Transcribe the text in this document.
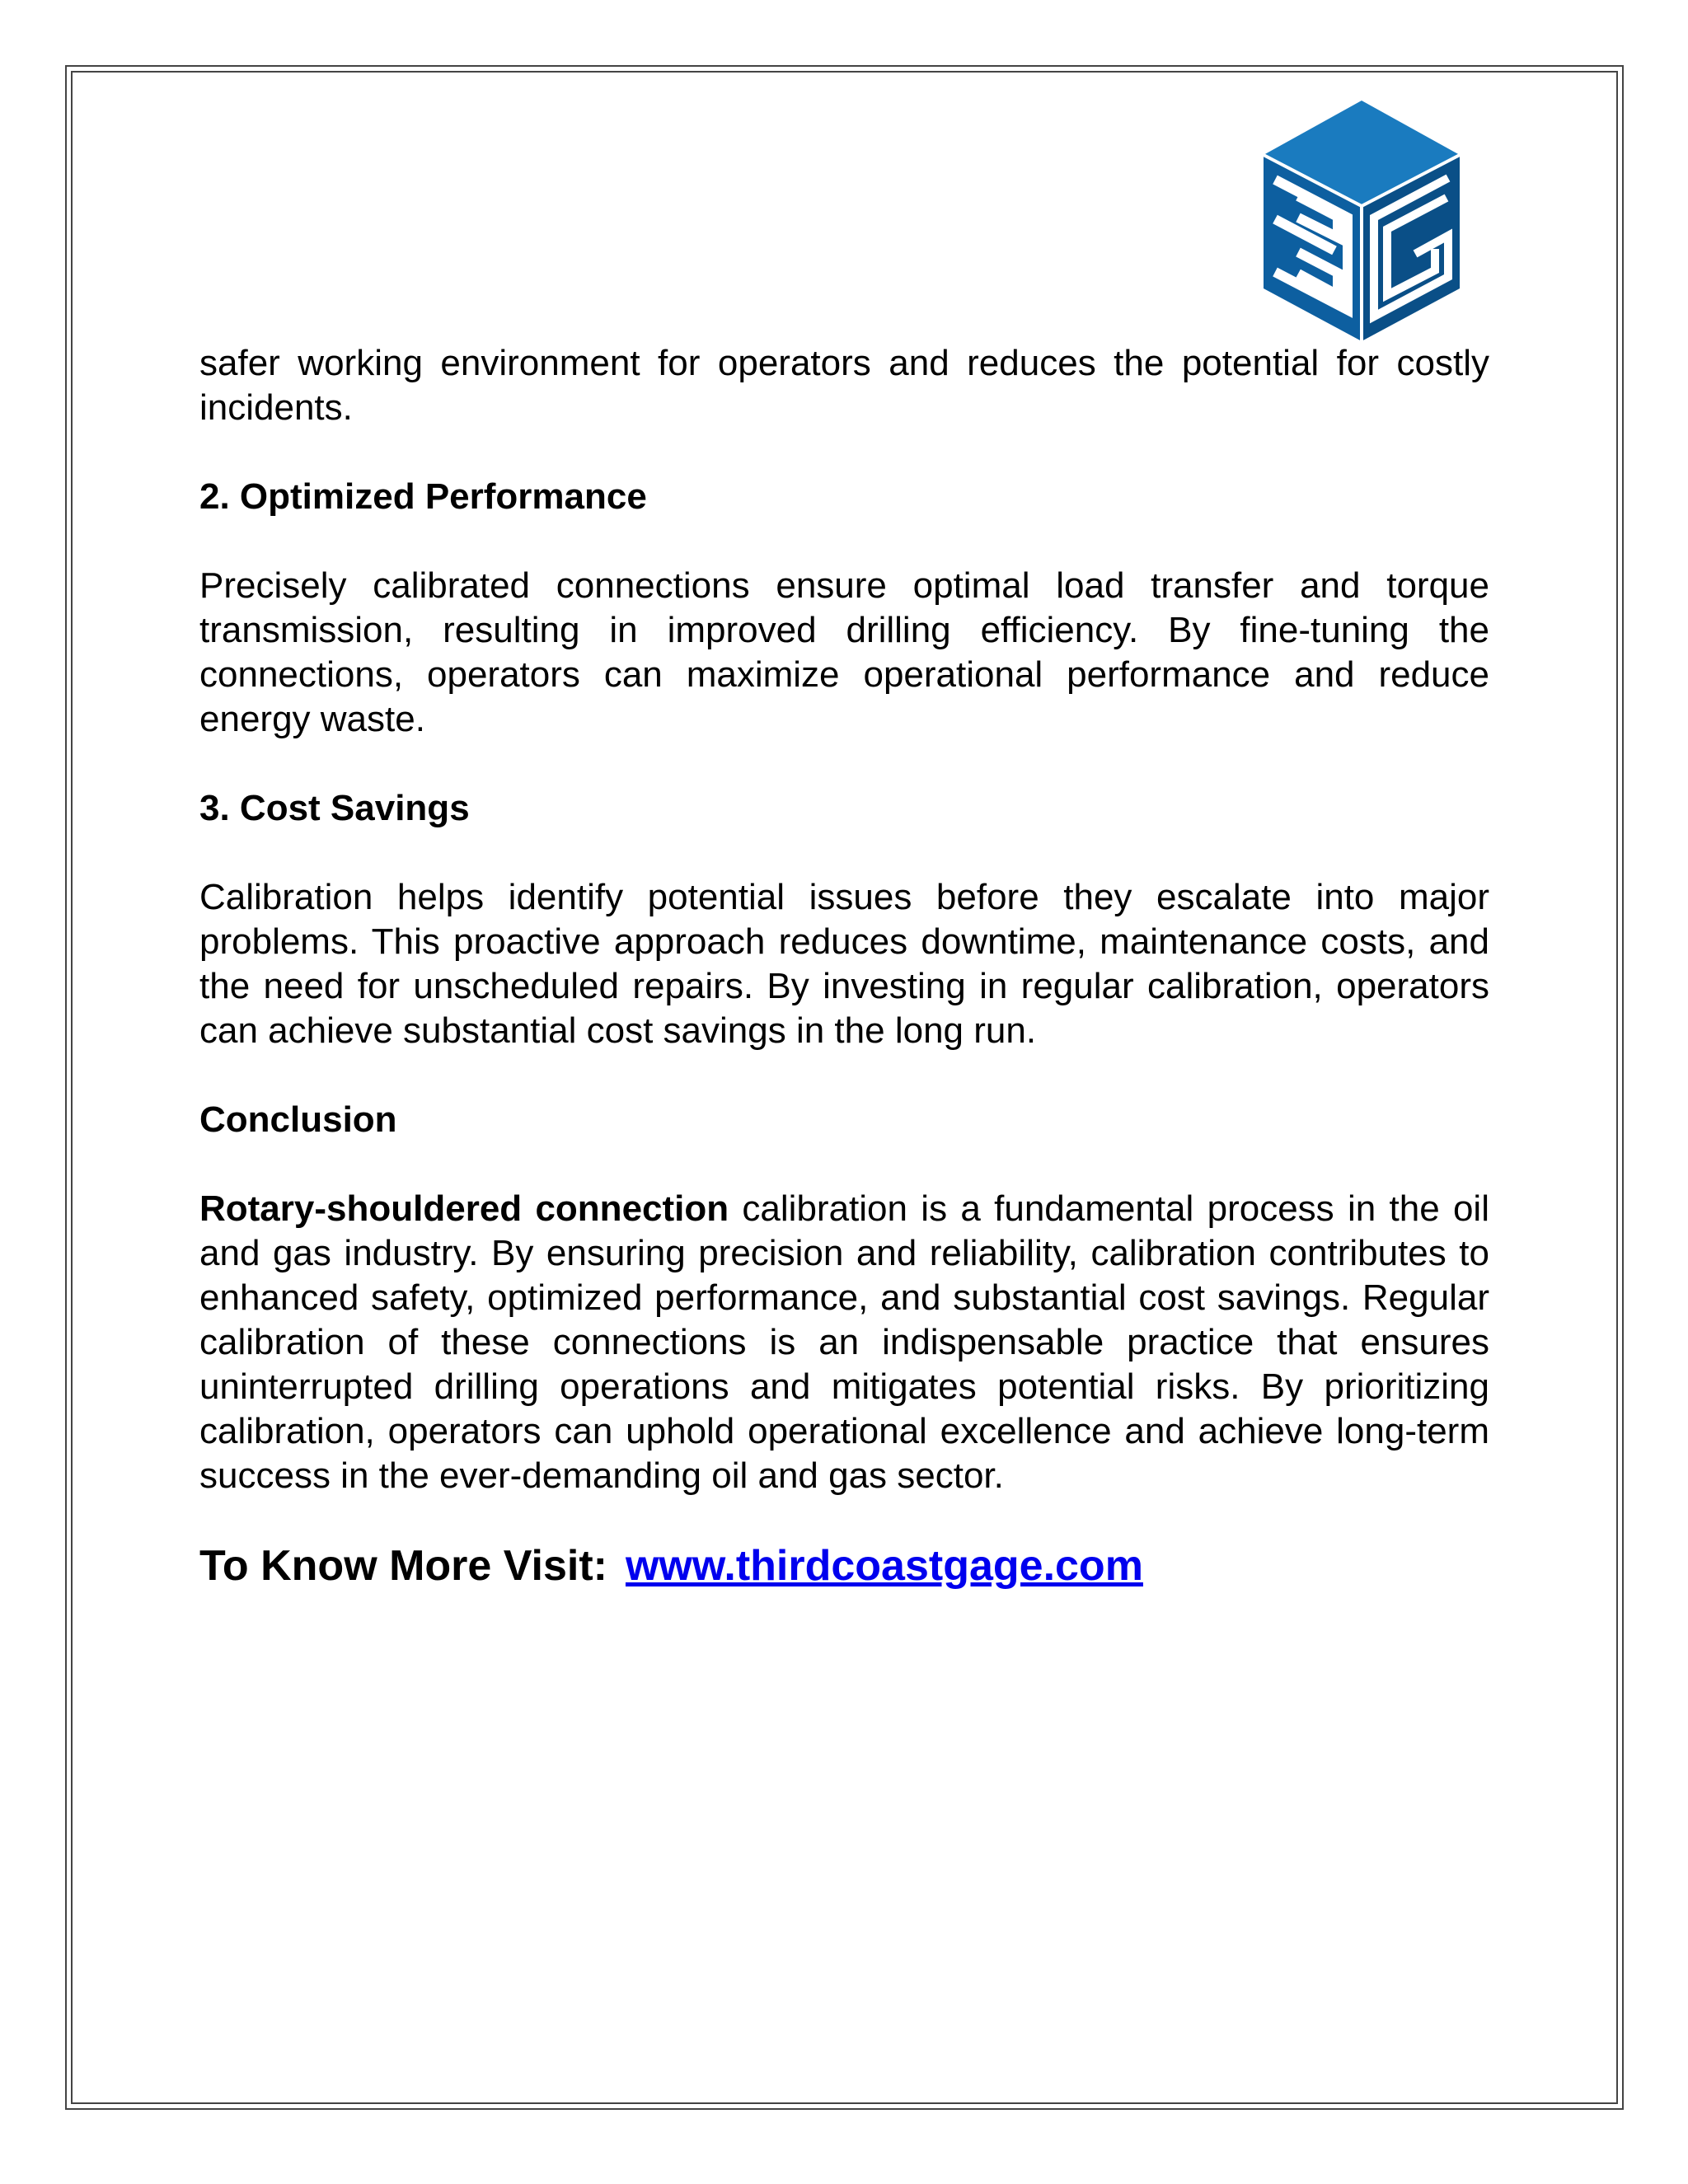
safer working environment for operators and reduces the potential for costly incidents.

2. Optimized Performance

Precisely calibrated connections ensure optimal load transfer and torque transmission, resulting in improved drilling efficiency. By fine-tuning the connections, operators can maximize operational performance and reduce energy waste.

3. Cost Savings

Calibration helps identify potential issues before they escalate into major problems. This proactive approach reduces downtime, maintenance costs, and the need for unscheduled repairs. By investing in regular calibration, operators can achieve substantial cost savings in the long run.

Conclusion

Rotary-shouldered connection calibration is a fundamental process in the oil and gas industry. By ensuring precision and reliability, calibration contributes to enhanced safety, optimized performance, and substantial cost savings. Regular calibration of these connections is an indispensable practice that ensures uninterrupted drilling operations and mitigates potential risks. By prioritizing calibration, operators can uphold operational excellence and achieve long-term success in the ever-demanding oil and gas sector.

To Know More Visit: www.thirdcoastgage.com
